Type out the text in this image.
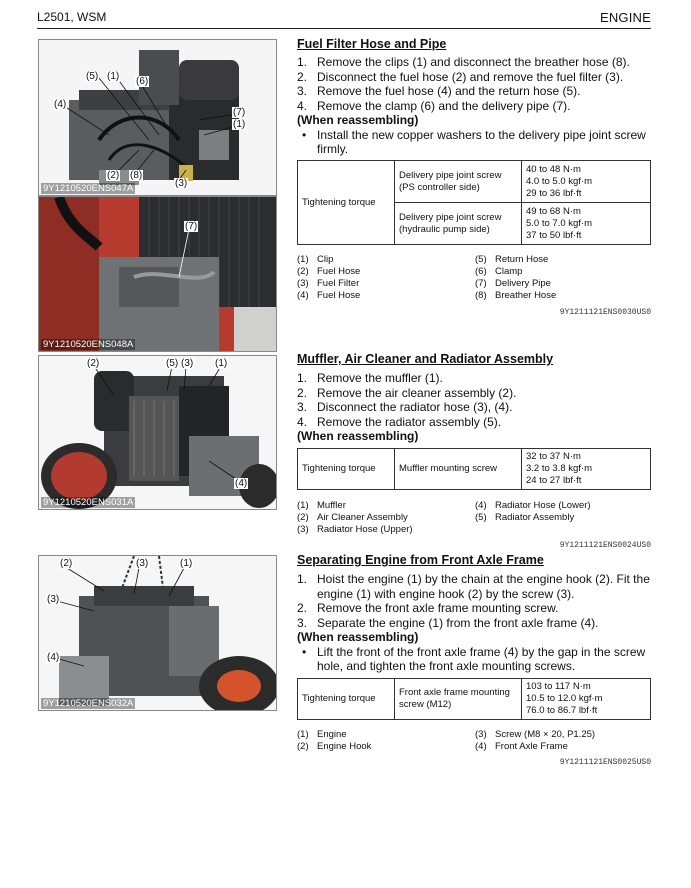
L2501, WSM	ENGINE
(5) (1) (6)
(4)
(7)
(1)
(2) (8)
(3)
9Y1210520ENS047A
(7)
9Y1210520ENS048A
(2)	(5) (3) (1)
(4)
9Y1210520ENS031A
(2)	(3)	(1)
(3)
(4)
9Y1210520ENS032A
Fuel Filter Hose and Pipe
1. Remove the clips (1) and disconnect the breather hose (8).
2. Disconnect the fuel hose (2) and remove the fuel filter (3).
3. Remove the fuel hose (4) and the return hose (5).
4. Remove the clamp (6) and the delivery pipe (7).
(When reassembling)
• Install the new copper washers to the delivery pipe joint screw firmly.
Tightening torque	Delivery pipe joint screw (PS controller side)	40 to 48 N·m
4.0 to 5.0 kgf·m
29 to 36 lbf·ft

	Delivery pipe joint screw (hydraulic pump side)	49 to 68 N·m
5.0 to 7.0 kgf·m
37 to 50 lbf·ft
(1) Clip	(5) Return Hose
(2) Fuel Hose	(6) Clamp
(3) Fuel Filter	(7) Delivery Pipe
(4) Fuel Hose	(8) Breather Hose
9Y1211121ENS0030US0
Muffler, Air Cleaner and Radiator Assembly
1. Remove the muffler (1).
2. Remove the air cleaner assembly (2).
3. Disconnect the radiator hose (3), (4).
4. Remove the radiator assembly (5).
(When reassembling)
Tightening torque	Muffler mounting screw	
32 to 37 N·m
3.2 to 3.8 kgf·m
24 to 27 lbf·ft
(1) Muffler	(4) Radiator Hose (Lower)
(2) Air Cleaner Assembly	(5) Radiator Assembly
(3) Radiator Hose (Upper)
9Y1211121ENS0024US0
Separating Engine from Front Axle Frame
1. Hoist the engine (1) by the chain at the engine hook (2). Fit the engine (1) with engine hook (2) by the screw (3).
2. Remove the front axle frame mounting screw.
3. Separate the engine (1) from the front axle frame (4).
(When reassembling)
• Lift the front of the front axle frame (4) by the gap in the screw hole, and tighten the front axle mounting screws.
Tightening torque	Front axle frame mounting screw (M12)	
103 to 117 N·m
10.5 to 12.0 kgf·m
76.0 to 86.7 lbf·ft
(1) Engine	(3) Screw (M8 × 20, P1.25)
(2) Engine Hook	(4) Front Axle Frame
9Y1211121ENS0025US0
